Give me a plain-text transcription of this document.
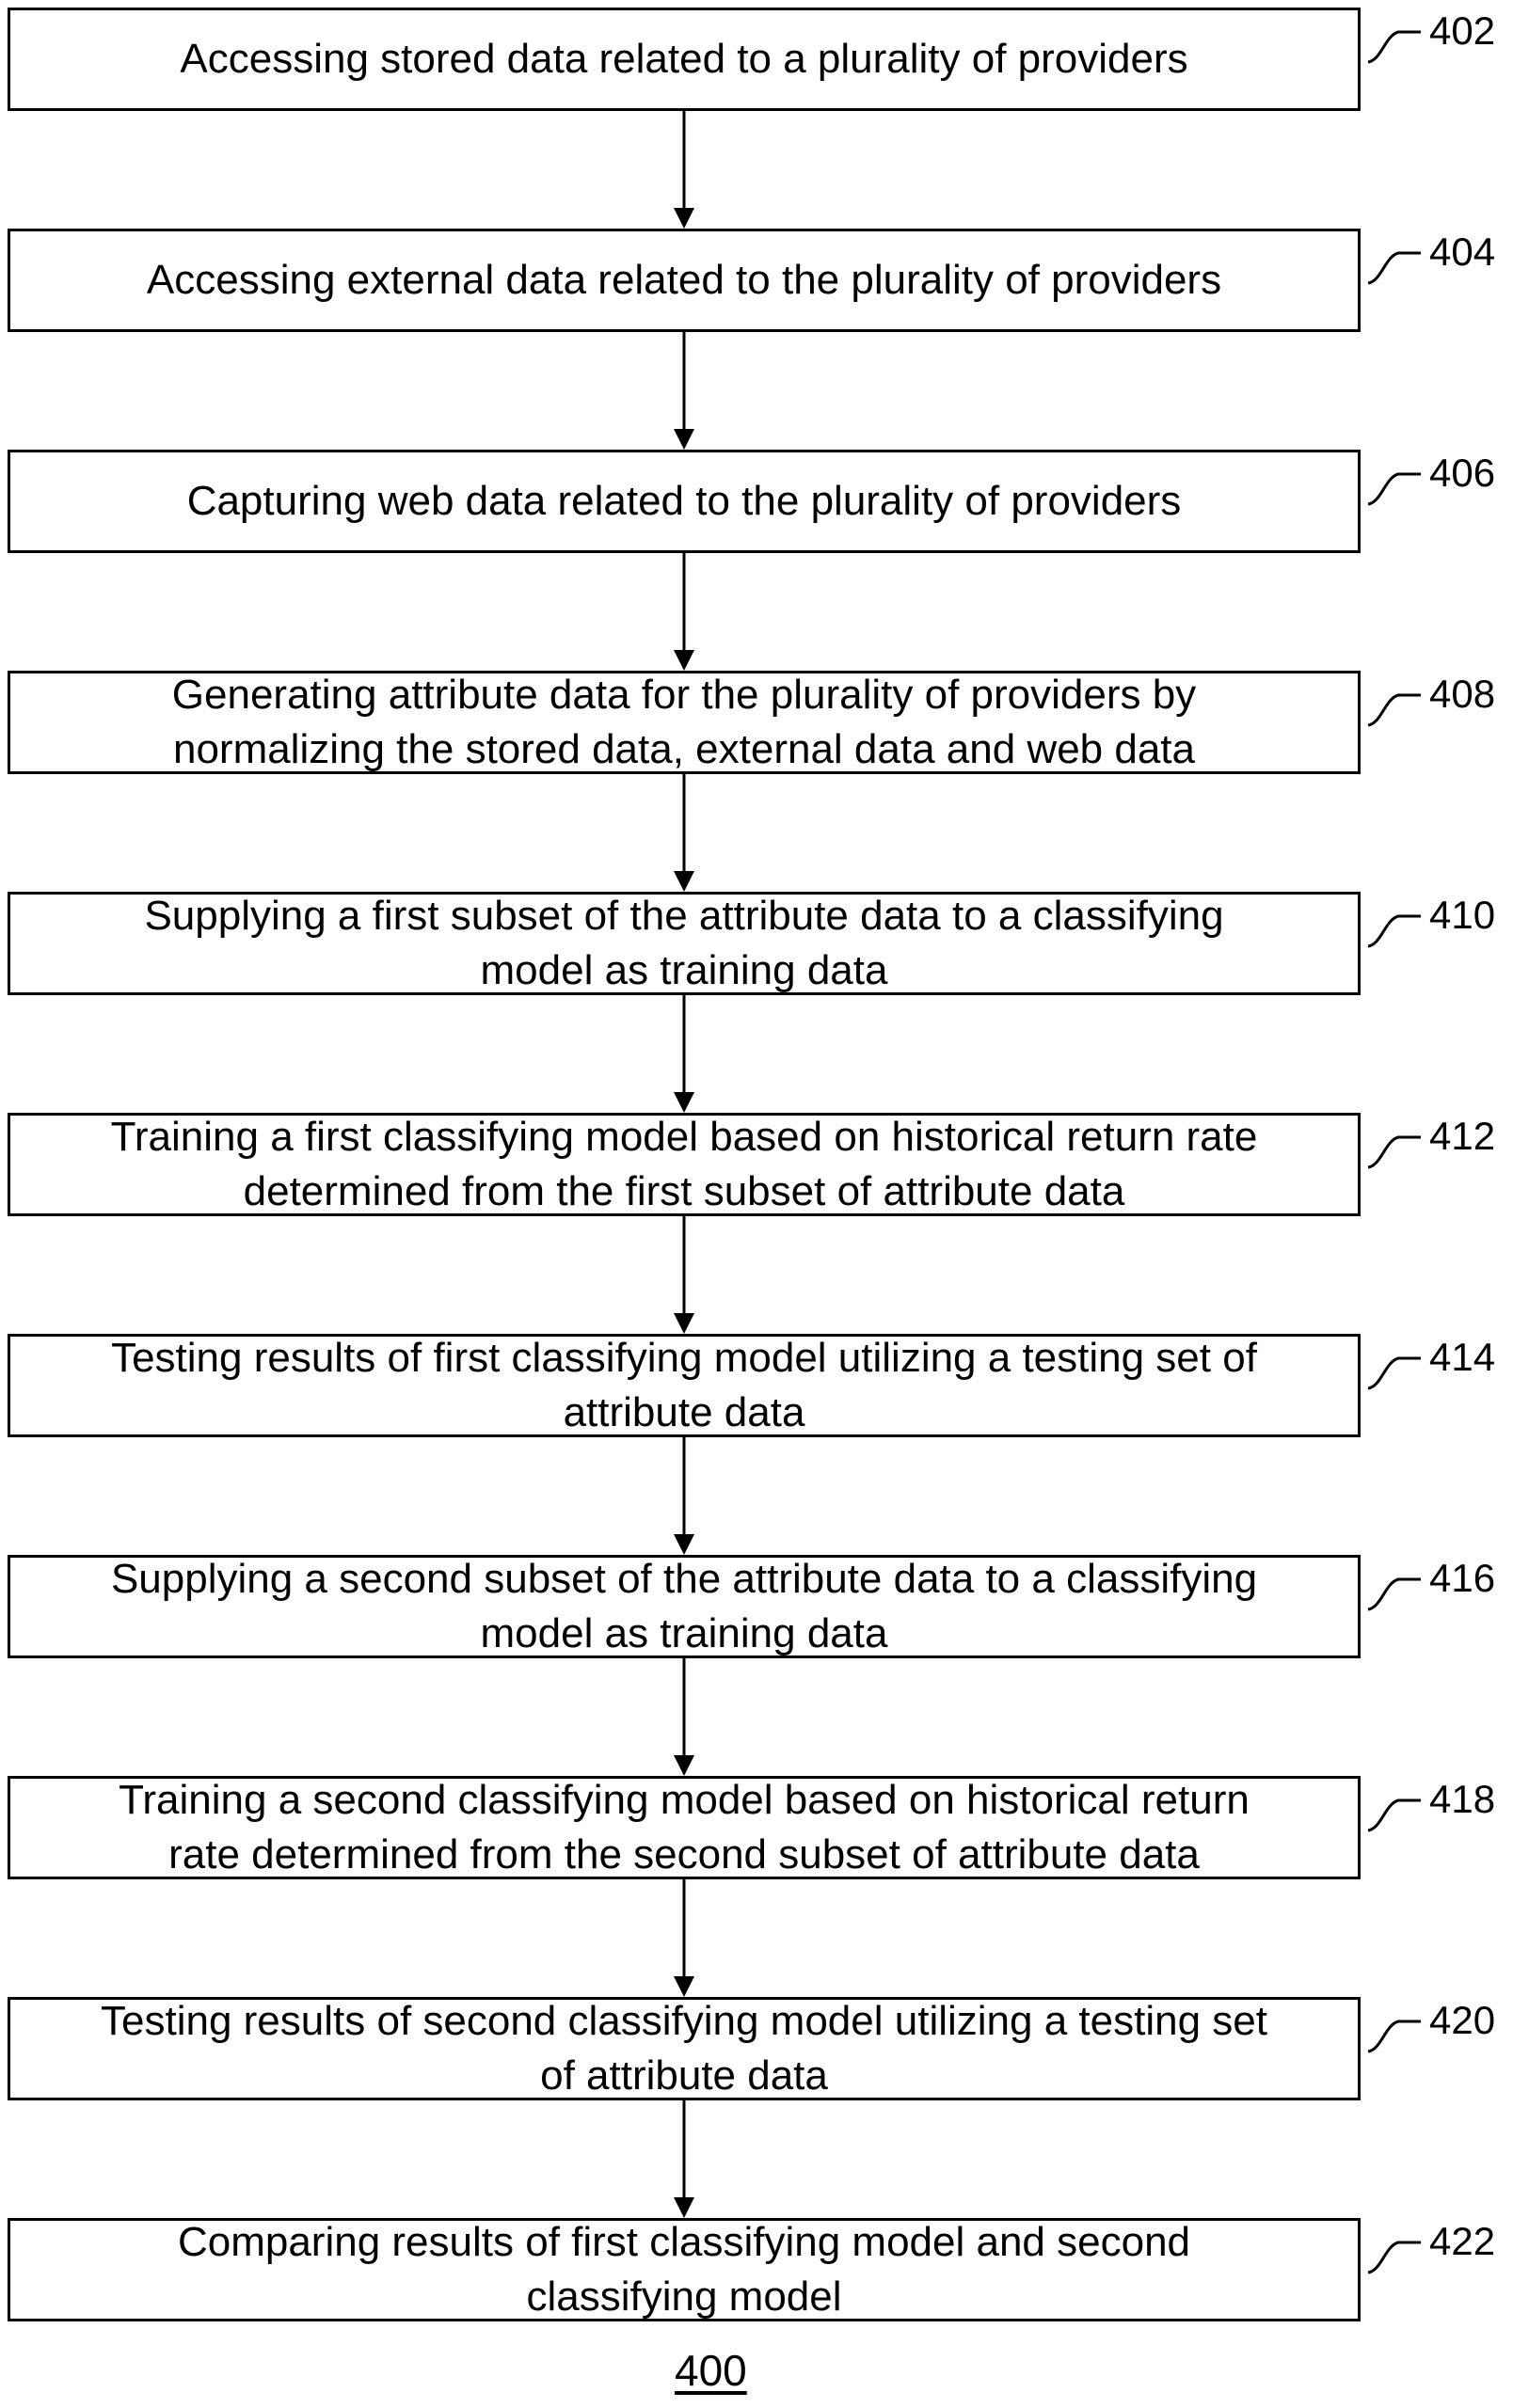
Accessing stored data related to a plurality of providers
402
Accessing external data related to the plurality of providers
404
Capturing web data related to the plurality of providers
406
Generating attribute data for the plurality of providers by
normalizing the stored data, external data and web data
408
Supplying a first subset of the attribute data to a classifying
model as training data
410
Training a first classifying model based on historical return rate
determined from the first subset of attribute data
412
Testing results of first classifying model utilizing a testing set of
attribute data
414
Supplying a second subset of the attribute data to a classifying
model as training data
416
Training a second classifying model based on historical return
rate determined from the second subset of attribute data
418
Testing results of second classifying model utilizing a testing set
of attribute data
420
Comparing results of first classifying model and second
classifying model
422
400
